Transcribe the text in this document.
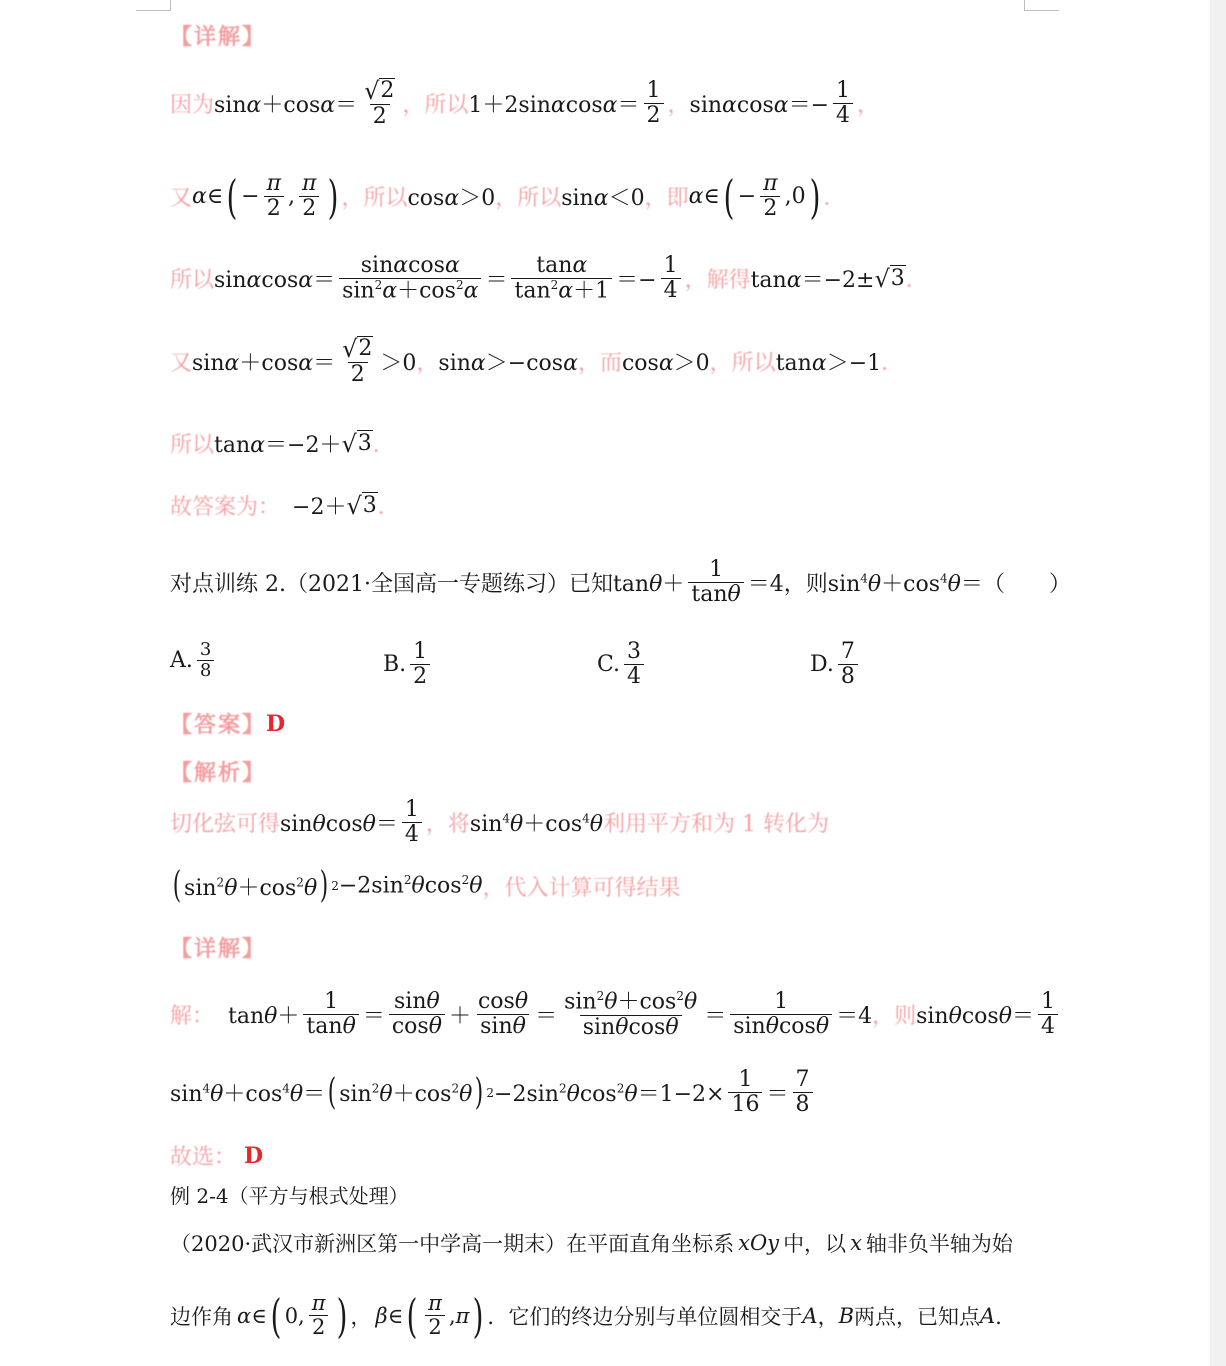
【详解】
因为 $\sin\alpha+\cos\alpha= \frac{√ 2}{2}$ ，所以 $1+2\sin\alpha\cos\alpha= \frac{1}{2}$ ， $\sin\alpha\cos\alpha=- \frac{1}{4}$ ，
又 α ∈ ( − $\frac{\pi}{2}$ , $\frac{\pi}{2}$ ) ，所以 cosα＞0 ，所以 sinα＜0 ，即 α ∈ ( − $\frac{\pi}{2} ,0$ ) ．
所以 $\sin\alpha\cos\alpha= \frac{\sin\alpha\cos\alpha}{\sin^2\alpha+\cos^2\alpha} = \frac{\tan\alpha}{\tan^2\alpha+1} =- \frac{1}{4}$ ，解得 tanα＝−2± √ 3 ．
又 $\sin\alpha+\cos\alpha= \frac{√ 2}{2} >0$ ， sinα＞−cosα ，而 cosα＞0 ，所以 tanα＞−1 ．
所以 tanα＝−2＋ √ 3 ．
故答案为： −2＋ √ 3 ．
对点训练 2.（2021·全国高一专题练习）已知 $\tan\theta+ \frac{1}{\tan\theta} =4$ ，则 $\sin^4\theta+\cos^4\theta=$ （　　）
A. $\frac{3}{8}$	B. $\frac{1}{2}$	C. $\frac{3}{4}$	D. $\frac{7}{8}$
【答案】 D
【解析】
切化弦可得 $\sin\theta\cos\theta= \frac{1}{4}$ ，将 $\sin^4\theta+\cos^4\theta$ 利用平方和为 1 转化为
( $\sin^2\theta+\cos^2\theta$ ) $2 -2\sin^2\theta\cos^2\theta$ ，代入计算可得结果
【详解】
解： $\tan\theta+ \frac{1}{\tan\theta} = \frac{\sin\theta}{\cos\theta} + \frac{\cos\theta}{\sin\theta} = \frac{\sin^2\theta+\cos^2\theta}{\sin\theta\cos\theta} = \frac{1}{\sin\theta\cos\theta} =4$ ，则 $\sin\theta\cos\theta= \frac{1}{4}$
$\sin^4\theta+\cos^4\theta=$ ( $\sin^2\theta+\cos^2\theta$ ) $2 -2\sin^2\theta\cos^2\theta=1-2\times \frac{1}{16} = \frac{7}{8}$
故选： D
例 2-4（平方与根式处理）
（2020·武汉市新洲区第一中学高一期末）在平面直角坐标系 xOy 中，以 x 轴非负半轴为始
边作角 α ∈ ( 0, $\frac{\pi}{2}$ ) ， β ∈ ( $\frac{\pi}{2} ,\pi$ ) ．它们的终边分别与单位圆相交于 A ， B 两点，已知点 A ．
